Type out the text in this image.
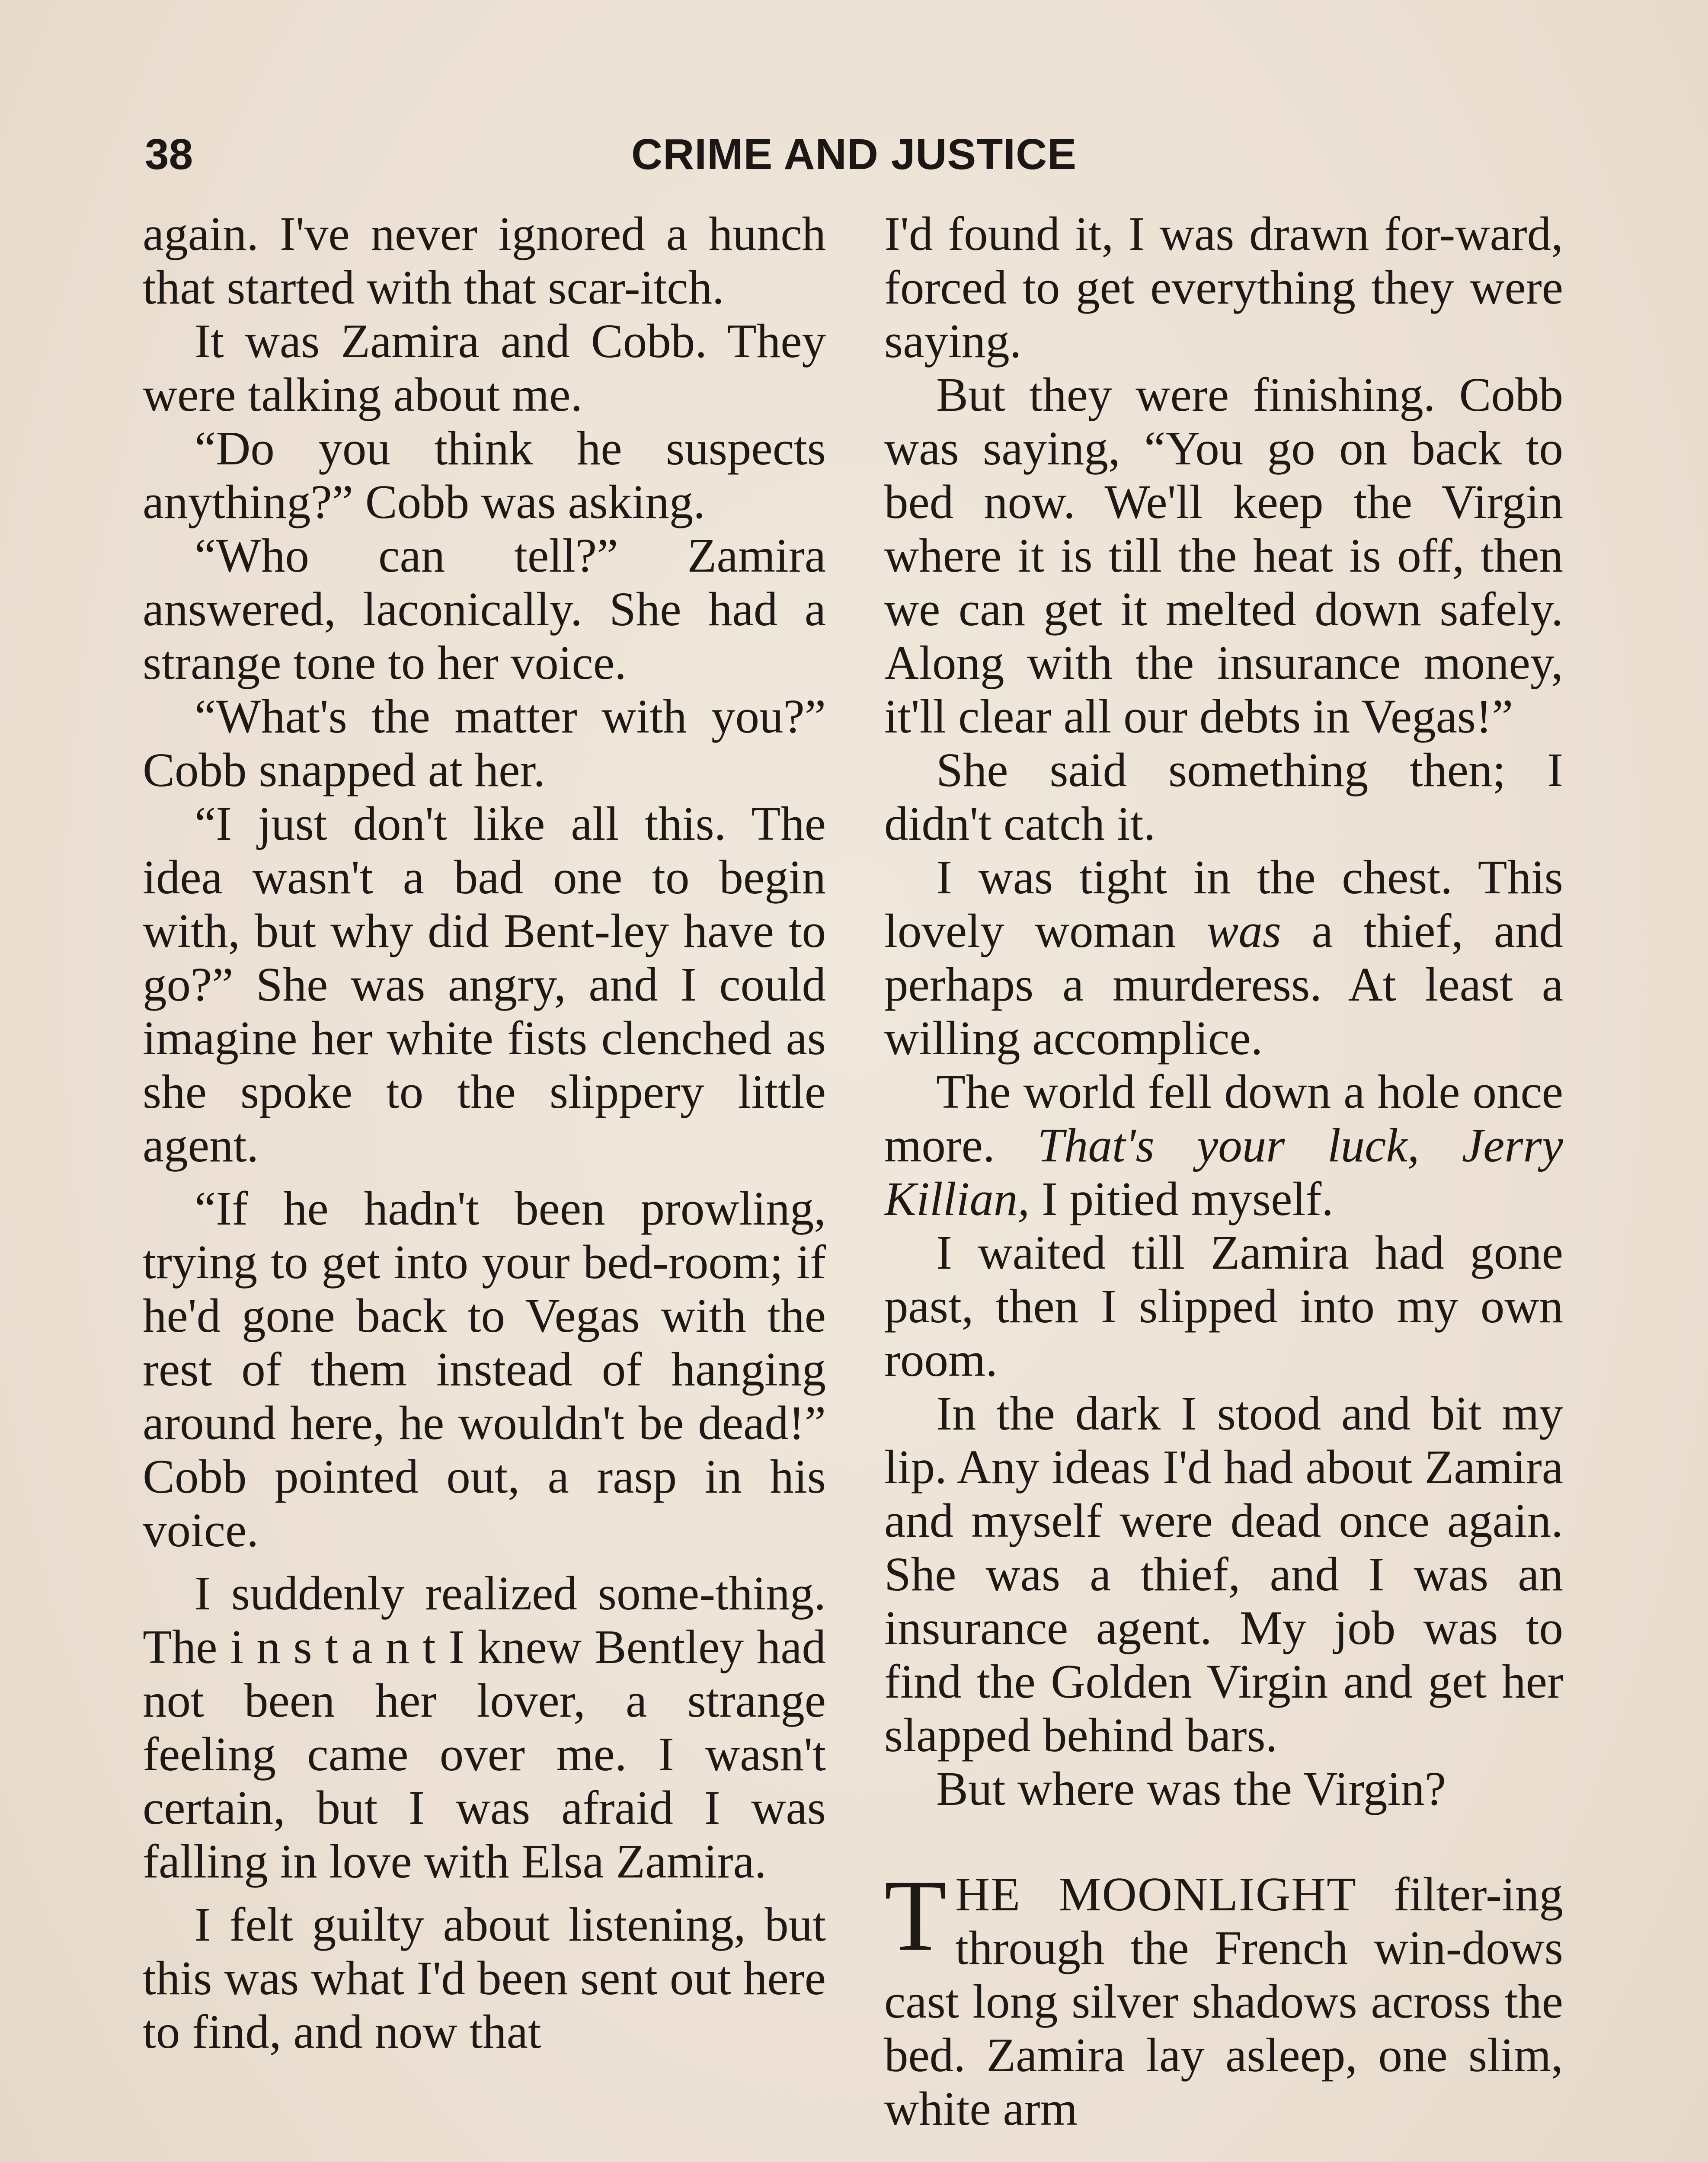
38	CRIME AND JUSTICE

again. I've never ignored a hunch that started with that scar-itch.

It was Zamira and Cobb. They were talking about me.

“Do you think he suspects anything?” Cobb was asking.

“Who can tell?” Zamira answered, laconically. She had a strange tone to her voice.

“What's the matter with you?” Cobb snapped at her.

“I just don't like all this. The idea wasn't a bad one to begin with, but why did Bent-ley have to go?” She was angry, and I could imagine her white fists clenched as she spoke to the slippery little agent.

“If he hadn't been prowling, trying to get into your bed-room; if he'd gone back to Vegas with the rest of them instead of hanging around here, he wouldn't be dead!” Cobb pointed out, a rasp in his voice.

I suddenly realized some-thing. The i n s t a n t I knew Bentley had not been her lover, a strange feeling came over me. I wasn't certain, but I was afraid I was falling in love with Elsa Zamira.

I felt guilty about listening, but this was what I'd been sent out here to find, and now that

I'd found it, I was drawn for-ward, forced to get everything they were saying.

But they were finishing. Cobb was saying, “You go on back to bed now. We'll keep the Virgin where it is till the heat is off, then we can get it melted down safely. Along with the insurance money, it'll clear all our debts in Vegas!”

She said something then; I didn't catch it.

I was tight in the chest. This lovely woman was a thief, and perhaps a murderess. At least a willing accomplice.

The world fell down a hole once more. That's your luck, Jerry Killian, I pitied myself.

I waited till Zamira had gone past, then I slipped into my own room.

In the dark I stood and bit my lip. Any ideas I'd had about Zamira and myself were dead once again. She was a thief, and I was an insurance agent. My job was to find the Golden Virgin and get her slapped behind bars.

But where was the Virgin?

THE MOONLIGHT filter-ing through the French win-dows cast long silver shadows across the bed. Zamira lay asleep, one slim, white arm
